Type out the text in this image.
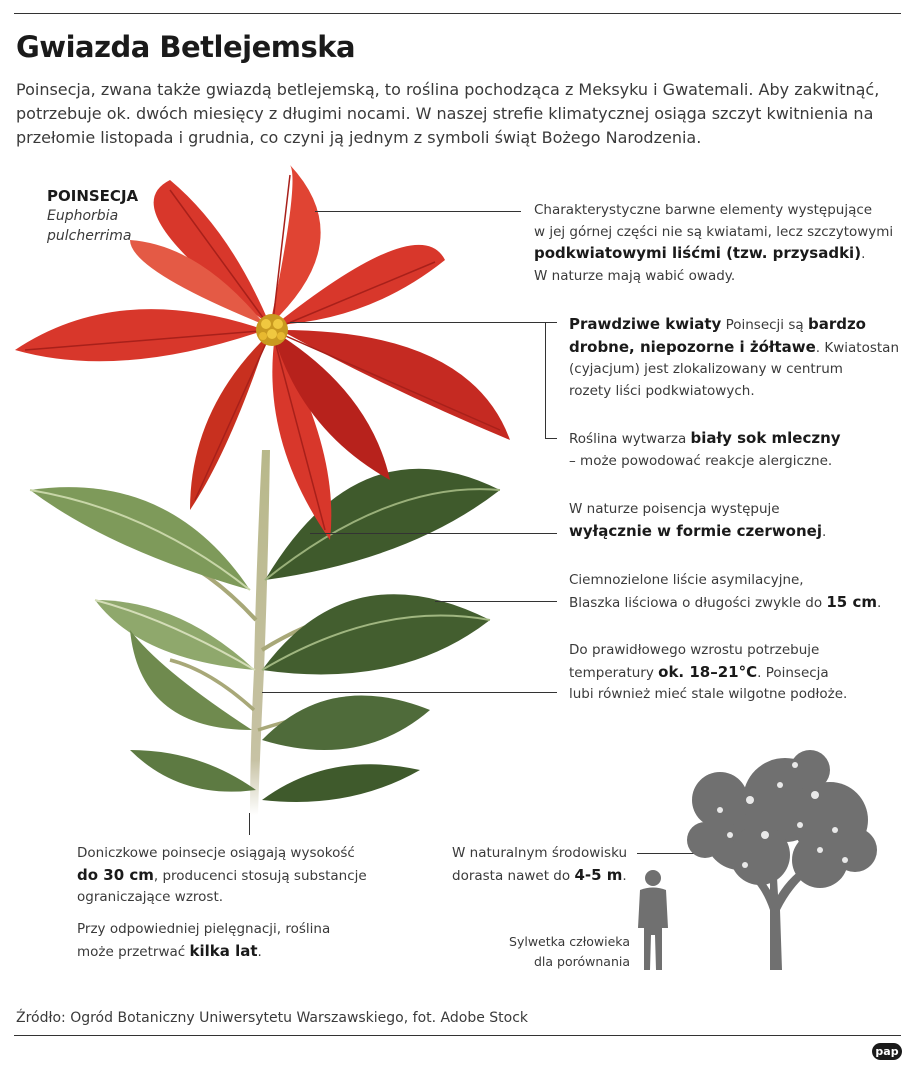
Gwiazda Betlejemska

Poinsecja, zwana także gwiazdą betlejemską, to roślina pochodząca z Meksyku i Gwatemali. Aby zakwitnąć, potrzebuje ok. dwóch miesięcy z długimi nocami. W naszej strefie klimatycznej osiąga szczyt kwitnienia na przełomie listopada i grudnia, co czyni ją jednym z symboli świąt Bożego Narodzenia.

POINSECJA
Euphorbia
pulcherrima

Charakterystyczne barwne elementy występujące
w jej górnej części nie są kwiatami, lecz szczytowymi
podkwiatowymi liśćmi (tzw. przysadki).
W naturze mają wabić owady.

Prawdziwe kwiaty Poinsecji są bardzo
drobne, niepozorne i żółtawe. Kwiatostan
(cyjacjum) jest zlokalizowany w centrum
rozety liści podkwiatowych.

Roślina wytwarza biały sok mleczny
– może powodować reakcje alergiczne.

W naturze poisencja występuje
wyłącznie w formie czerwonej.

Ciemnozielone liście asymilacyjne,
Blaszka liściowa o długości zwykle do 15 cm.

Do prawidłowego wzrostu potrzebuje
temperatury ok. 18–21°C. Poinsecja
lubi również mieć stale wilgotne podłoże.

Doniczkowe poinsecje osiągają wysokość
do 30 cm, producenci stosują substancje
ograniczające wzrost.

Przy odpowiedniej pielęgnacji, roślina
może przetrwać kilka lat.

W naturalnym środowisku
dorasta nawet do 4-5 m.

Sylwetka człowieka
dla porównania
Źródło: Ogród Botaniczny Uniwersytetu Warszawskiego, fot. Adobe Stock
pap
